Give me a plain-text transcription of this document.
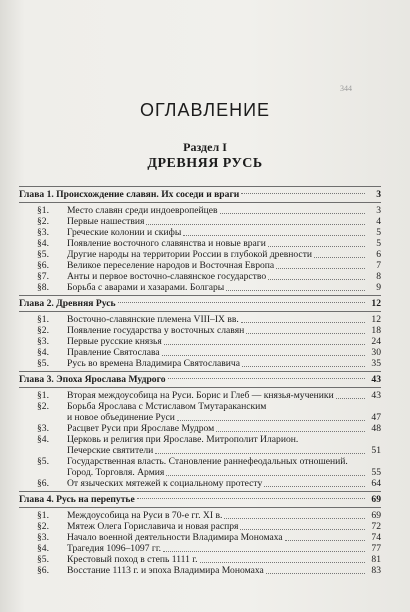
344
ОГЛАВЛЕНИЕ
Раздел I
ДРЕВНЯЯ РУСЬ
Глава 1. Происхождение славян. Их соседи и враги	3
§1.	Место славян среди индоевропейцев	3
§2.	Первые нашествия	4
§3.	Греческие колонии и скифы	5
§4.	Появление восточного славянства и новые враги	5
§5.	Другие народы на территории России в глубокой древности	6
§6.	Великое переселение народов и Восточная Европа	7
§7.	Анты и первое восточно-славянское государство	8
§8.	Борьба с аварами и хазарами. Болгары	9
Глава 2. Древняя Русь	12
§1.	Восточно-славянские племена VIII–IX вв.	12
§2.	Появление государства у восточных славян	18
§3.	Первые русские князья	24
§4.	Правление Святослава	30
§5.	Русь во времена Владимира Святославича	35
Глава 3. Эпоха Ярослава Мудрого	43
§1.	Вторая междоусобица на Руси. Борис и Глеб — князья-мученики	43
§2.	Борьба Ярослава с Мстиславом Тмутараканским
и новое объединение Руси	47
§3.	Расцвет Руси при Ярославе Мудром	48
§4.	Церковь и религия при Ярославе. Митрополит Иларион.
Печерские святители	51
§5.	Государственная власть. Становление раннефеодальных отношений.
Город. Торговля. Армия	55
§6.	От языческих мятежей к социальному протесту	64
Глава 4. Русь на перепутье	69
§1.	Междоусобица на Руси в 70-е гг. XI в.	69
§2.	Мятеж Олега Гориславича и новая распря	72
§3.	Начало военной деятельности Владимира Мономаха	74
§4.	Трагедия 1096–1097 гг.	77
§5.	Крестовый поход в степь 1111 г.	81
§6.	Восстание 1113 г. и эпоха Владимира Мономаха	83
